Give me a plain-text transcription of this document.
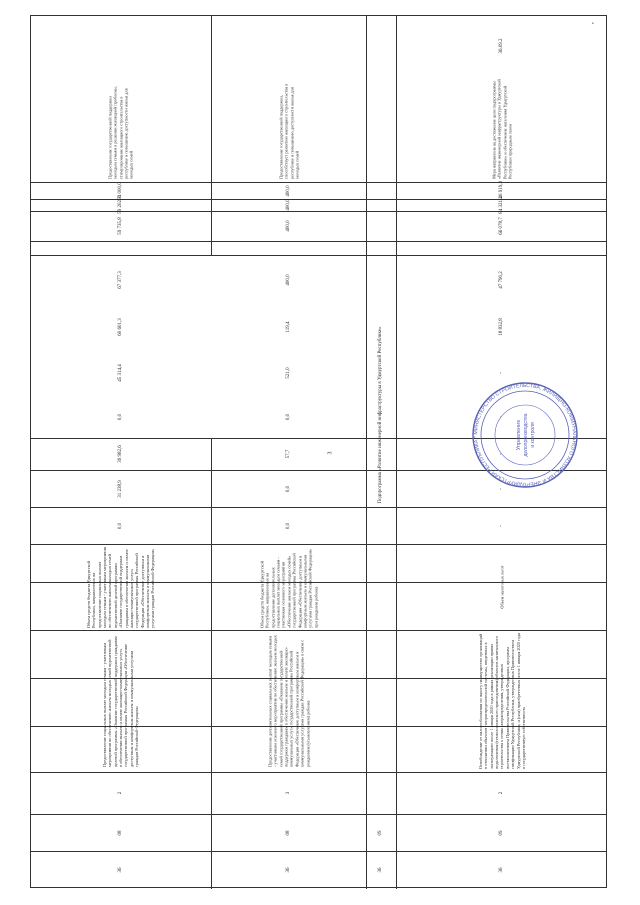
3
•
36
08
2
Предоставление социальных выплат молодым семьям - участникам мероприятия по обеспечению жильем молодых семей ведомственной целевой программы «Оказание государственной поддержки гражданам в обеспечении жильем и оплате жилищно-коммунальных услуг» государственной программы Российской Федерации «Обеспечение доступным и комфортным жильем и коммунальными услугами граждан Российской Федерации»
Объем средств бюджета Удмуртской Республики, направленных на предоставление социальных выплат молодым семьям - участникам мероприятия по обеспечению жильем молодых семей ведомственной целевой программы «Оказание государственной поддержки гражданам в обеспечении жильем и оплате жилищно-коммунальных услуг» государственной программы Российской Федерации «Обеспечение доступным и комфортным жильем и коммунальными услугами граждан Российской Федерации»
0,0
31 238,9
39 982,6
0,0
45 314,4
60 601,3
67 377,3
59 735,8
59 202,7
94 000,0
Предоставление государственной поддержки молодым семьям в решении жилищной проблемы, стимулирование жилищного строительства в республике и повышение доступности жилья для молодых семей
36
08
3
Предоставление дополнительных социальных выплат молодым семьям - участникам основного мероприятия по обеспечению жильем молодых семей государственной программы «Оказание государственной поддержки гражданам в обеспечении жильем и оплате жилищно-коммунальных услуг» государственной программы Российской Федерации «Обеспечение доступным и комфортным жильем и коммунальными услугами граждан Российской Федерации» в связи с рождением (усыновлением) ребенка
Объем средств бюджета Удмуртской Республики, направленных на предоставление дополнительных социальных выплат молодым семьям - участникам основного мероприятия «Обеспечение жильем молодых семей» государственной программы Российской Федерации «Обеспечение доступным и комфортным жильем и коммунальными услугами граждан Российской Федерации» при рождении ребенка
0,0
0,0
57,7
0,0
521,0
119,4
400,0
400,0
400,0
400,0
Предоставление государственной поддержки, способствует развитию жилищного строительства в республике и повышению доступности жилья для молодых семей
36
09
Подпрограмма «Развитие инженерной инфраструктуры в Удмуртской Республике»
36
09
2
Освобождение от налогообложения по налогу на имущество организаций в отношении объектов газораспределительной системы, введенных в эксплуатацию после 1 января 2020 года в рамках реализации правил подключения (технологического присоединения) объектов капитального строительства к сетям газораспределения, утвержденных постановлением Правительства Российской Федерации, программ газификации Удмуртской Республики, утвержденных Правительством Удмуртской Республики, и (или) приобретенных после 1 января 2020 года в государственную собственность
Объем налоговых льгот
-
-
-
-
-
18 832,8
47 790,2
66 078,7
84 321,4
126 919,3
Мера направлена на достижение цели подпрограммы «Развитие инженерной инфраструктуры в Удмуртской Республике» и обеспечение населения Удмуртской Республики природным газом
36.09.2
УДМУРТСКАЯ РЕСПУБЛИКА * МИНИСТЕРСТВО СТРОИТЕЛЬСТВА, ЖИЛИЩНО-КОММУНАЛЬНОГО ХОЗЯЙСТВА И ЭНЕРГ
Управление делопроизводства и контроля
